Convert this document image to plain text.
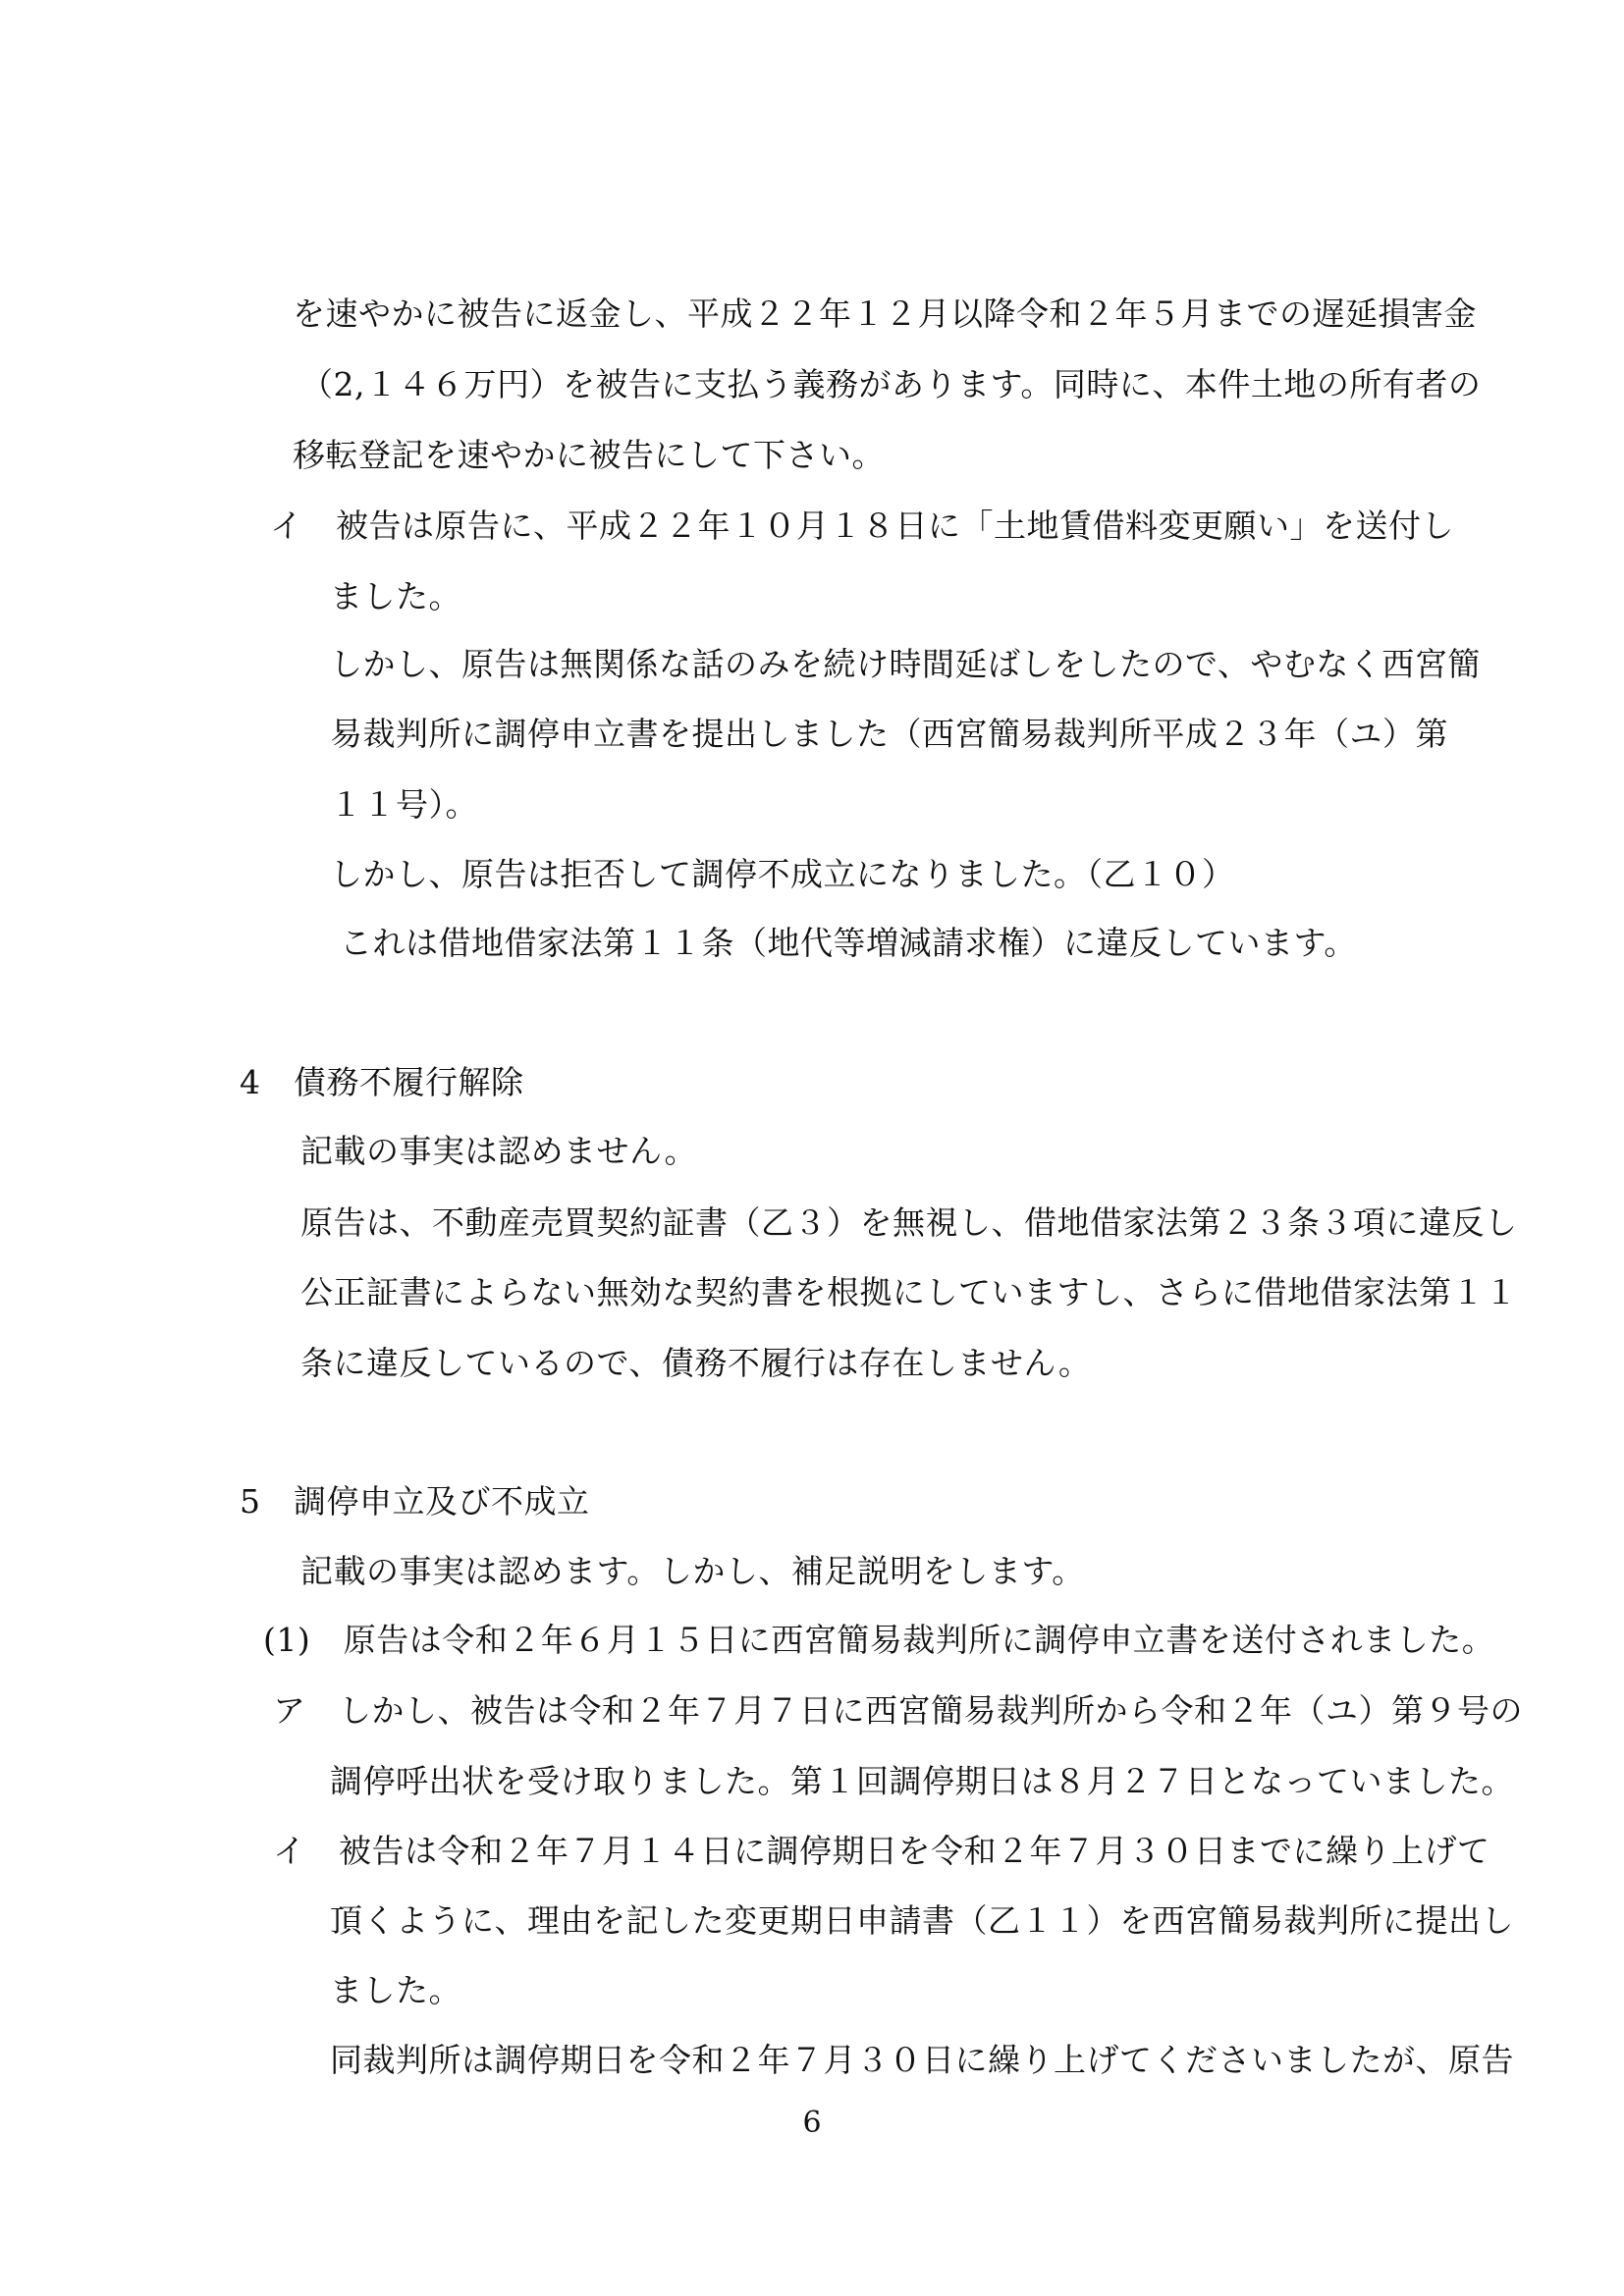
を速やかに被告に返金し、平成２２年１２月以降令和２年５月までの遅延損害金
（2,１４６万円）を被告に支払う義務があります。同時に、本件土地の所有者の
移転登記を速やかに被告にして下さい。
イ　被告は原告に、平成２２年１０月１８日に「土地賃借料変更願い」を送付し
ました。
しかし、原告は無関係な話のみを続け時間延ばしをしたので、やむなく西宮簡
易裁判所に調停申立書を提出しました（西宮簡易裁判所平成２３年（ユ）第
１１号）。
しかし、原告は拒否して調停不成立になりました。（乙１０）
これは借地借家法第１１条（地代等増減請求権）に違反しています。
4　債務不履行解除
記載の事実は認めません。
原告は、不動産売買契約証書（乙３）を無視し、借地借家法第２３条３項に違反し
公正証書によらない無効な契約書を根拠にしていますし、さらに借地借家法第１１
条に違反しているので、債務不履行は存在しません。
5　調停申立及び不成立
記載の事実は認めます。しかし、補足説明をします。
(1)　原告は令和２年６月１５日に西宮簡易裁判所に調停申立書を送付されました。
ア　しかし、被告は令和２年７月７日に西宮簡易裁判所から令和２年（ユ）第９号の
調停呼出状を受け取りました。第１回調停期日は８月２７日となっていました。
イ　被告は令和２年７月１４日に調停期日を令和２年７月３０日までに繰り上げて
頂くように、理由を記した変更期日申請書（乙１１）を西宮簡易裁判所に提出し
ました。
同裁判所は調停期日を令和２年７月３０日に繰り上げてくださいましたが、原告
6
